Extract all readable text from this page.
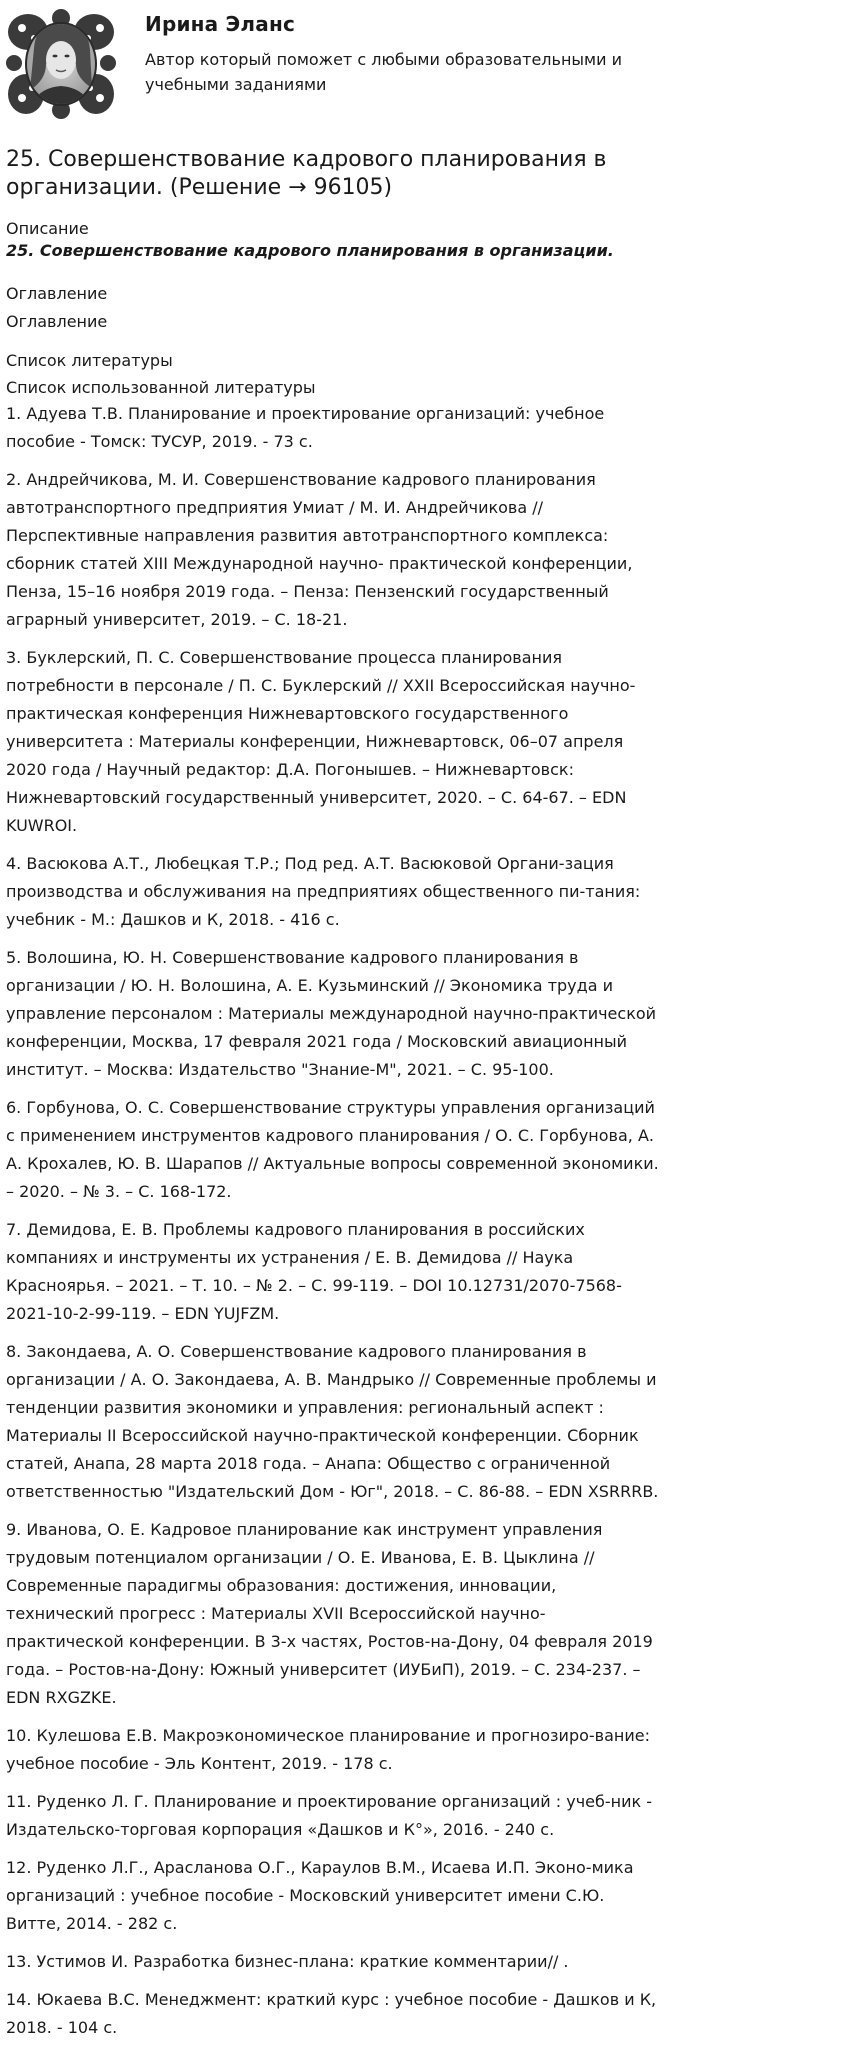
Ирина Эланс
Автор который поможет с любыми образовательными и учебными заданиями
25. Совершенствование кадрового планирования в организации. (Решение → 96105)
Описание
25. Совершенствование кадрового планирования в организации.
Оглавление
Оглавление
Список литературы
Список использованной литературы
1. Адуева Т.В. Планирование и проектирование организаций: учебное пособие - Томск: ТУСУР, 2019. - 73 с.
2. Андрейчикова, М. И. Совершенствование кадрового планирования автотранспортного предприятия Умиат / М. И. Андрейчикова // Перспективные направления развития автотранспортного комплекса: сборник статей XIII Международной научно- практической конференции, Пенза, 15–16 ноября 2019 года. – Пенза: Пензенский государственный аграрный университет, 2019. – С. 18-21.
3. Буклерский, П. С. Совершенствование процесса планирования потребности в персонале / П. С. Буклерский // XXII Всероссийская научно-практическая конференция Нижневартовского государственного университета : Материалы конференции, Нижневартовск, 06–07 апреля 2020 года / Научный редактор: Д.А. Погонышев. – Нижневартовск: Нижневартовский государственный университет, 2020. – С. 64-67. – EDN KUWROI.
4. Васюкова А.Т., Любецкая Т.Р.; Под ред. А.Т. Васюковой Органи-зация производства и обслуживания на предприятиях общественного пи-тания: учебник - М.: Дашков и К, 2018. - 416 с.
5. Волошина, Ю. Н. Совершенствование кадрового планирования в организации / Ю. Н. Волошина, А. Е. Кузьминский // Экономика труда и управление персоналом : Материалы международной научно-практической конференции, Москва, 17 февраля 2021 года / Московский авиационный институт. – Москва: Издательство "Знание-М", 2021. – С. 95-100.
6. Горбунова, О. С. Совершенствование структуры управления организаций с применением инструментов кадрового планирования / О. С. Горбунова, А. А. Крохалев, Ю. В. Шарапов // Актуальные вопросы современной экономики. – 2020. – № 3. – С. 168-172.
7. Демидова, Е. В. Проблемы кадрового планирования в российских компаниях и инструменты их устранения / Е. В. Демидова // Наука Красноярья. – 2021. – Т. 10. – № 2. – С. 99-119. – DOI 10.12731/2070-7568-2021-10-2-99-119. – EDN YUJFZM.
8. Закондаева, А. О. Совершенствование кадрового планирования в организации / А. О. Закондаева, А. В. Мандрыко // Современные проблемы и тенденции развития экономики и управления: региональный аспект : Материалы II Всероссийской научно-практической конференции. Сборник статей, Анапа, 28 марта 2018 года. – Анапа: Общество с ограниченной ответственностью "Издательский Дом - Юг", 2018. – С. 86-88. – EDN XSRRRB.
9. Иванова, О. Е. Кадровое планирование как инструмент управления трудовым потенциалом организации / О. Е. Иванова, Е. В. Цыклина // Современные парадигмы образования: достижения, инновации, технический прогресс : Материалы XVII Всероссийской научно-практической конференции. В 3-х частях, Ростов-на-Дону, 04 февраля 2019 года. – Ростов-на-Дону: Южный университет (ИУБиП), 2019. – С. 234-237. – EDN RXGZKE.
10. Кулешова Е.В. Макроэкономическое планирование и прогнозиро-вание: учебное пособие - Эль Контент, 2019. - 178 с.
11. Руденко Л. Г. Планирование и проектирование организаций : учеб-ник - Издательско-торговая корпорация «Дашков и К°», 2016. - 240 с.
12. Руденко Л.Г., Арасланова О.Г., Караулов В.М., Исаева И.П. Эконо-мика организаций : учебное пособие - Московский университет имени С.Ю. Витте, 2014. - 282 с.
13. Устимов И. Разработка бизнес-плана: краткие комментарии// .
14. Юкаева В.С. Менеджмент: краткий курс : учебное пособие - Дашков и К, 2018. - 104 с.
